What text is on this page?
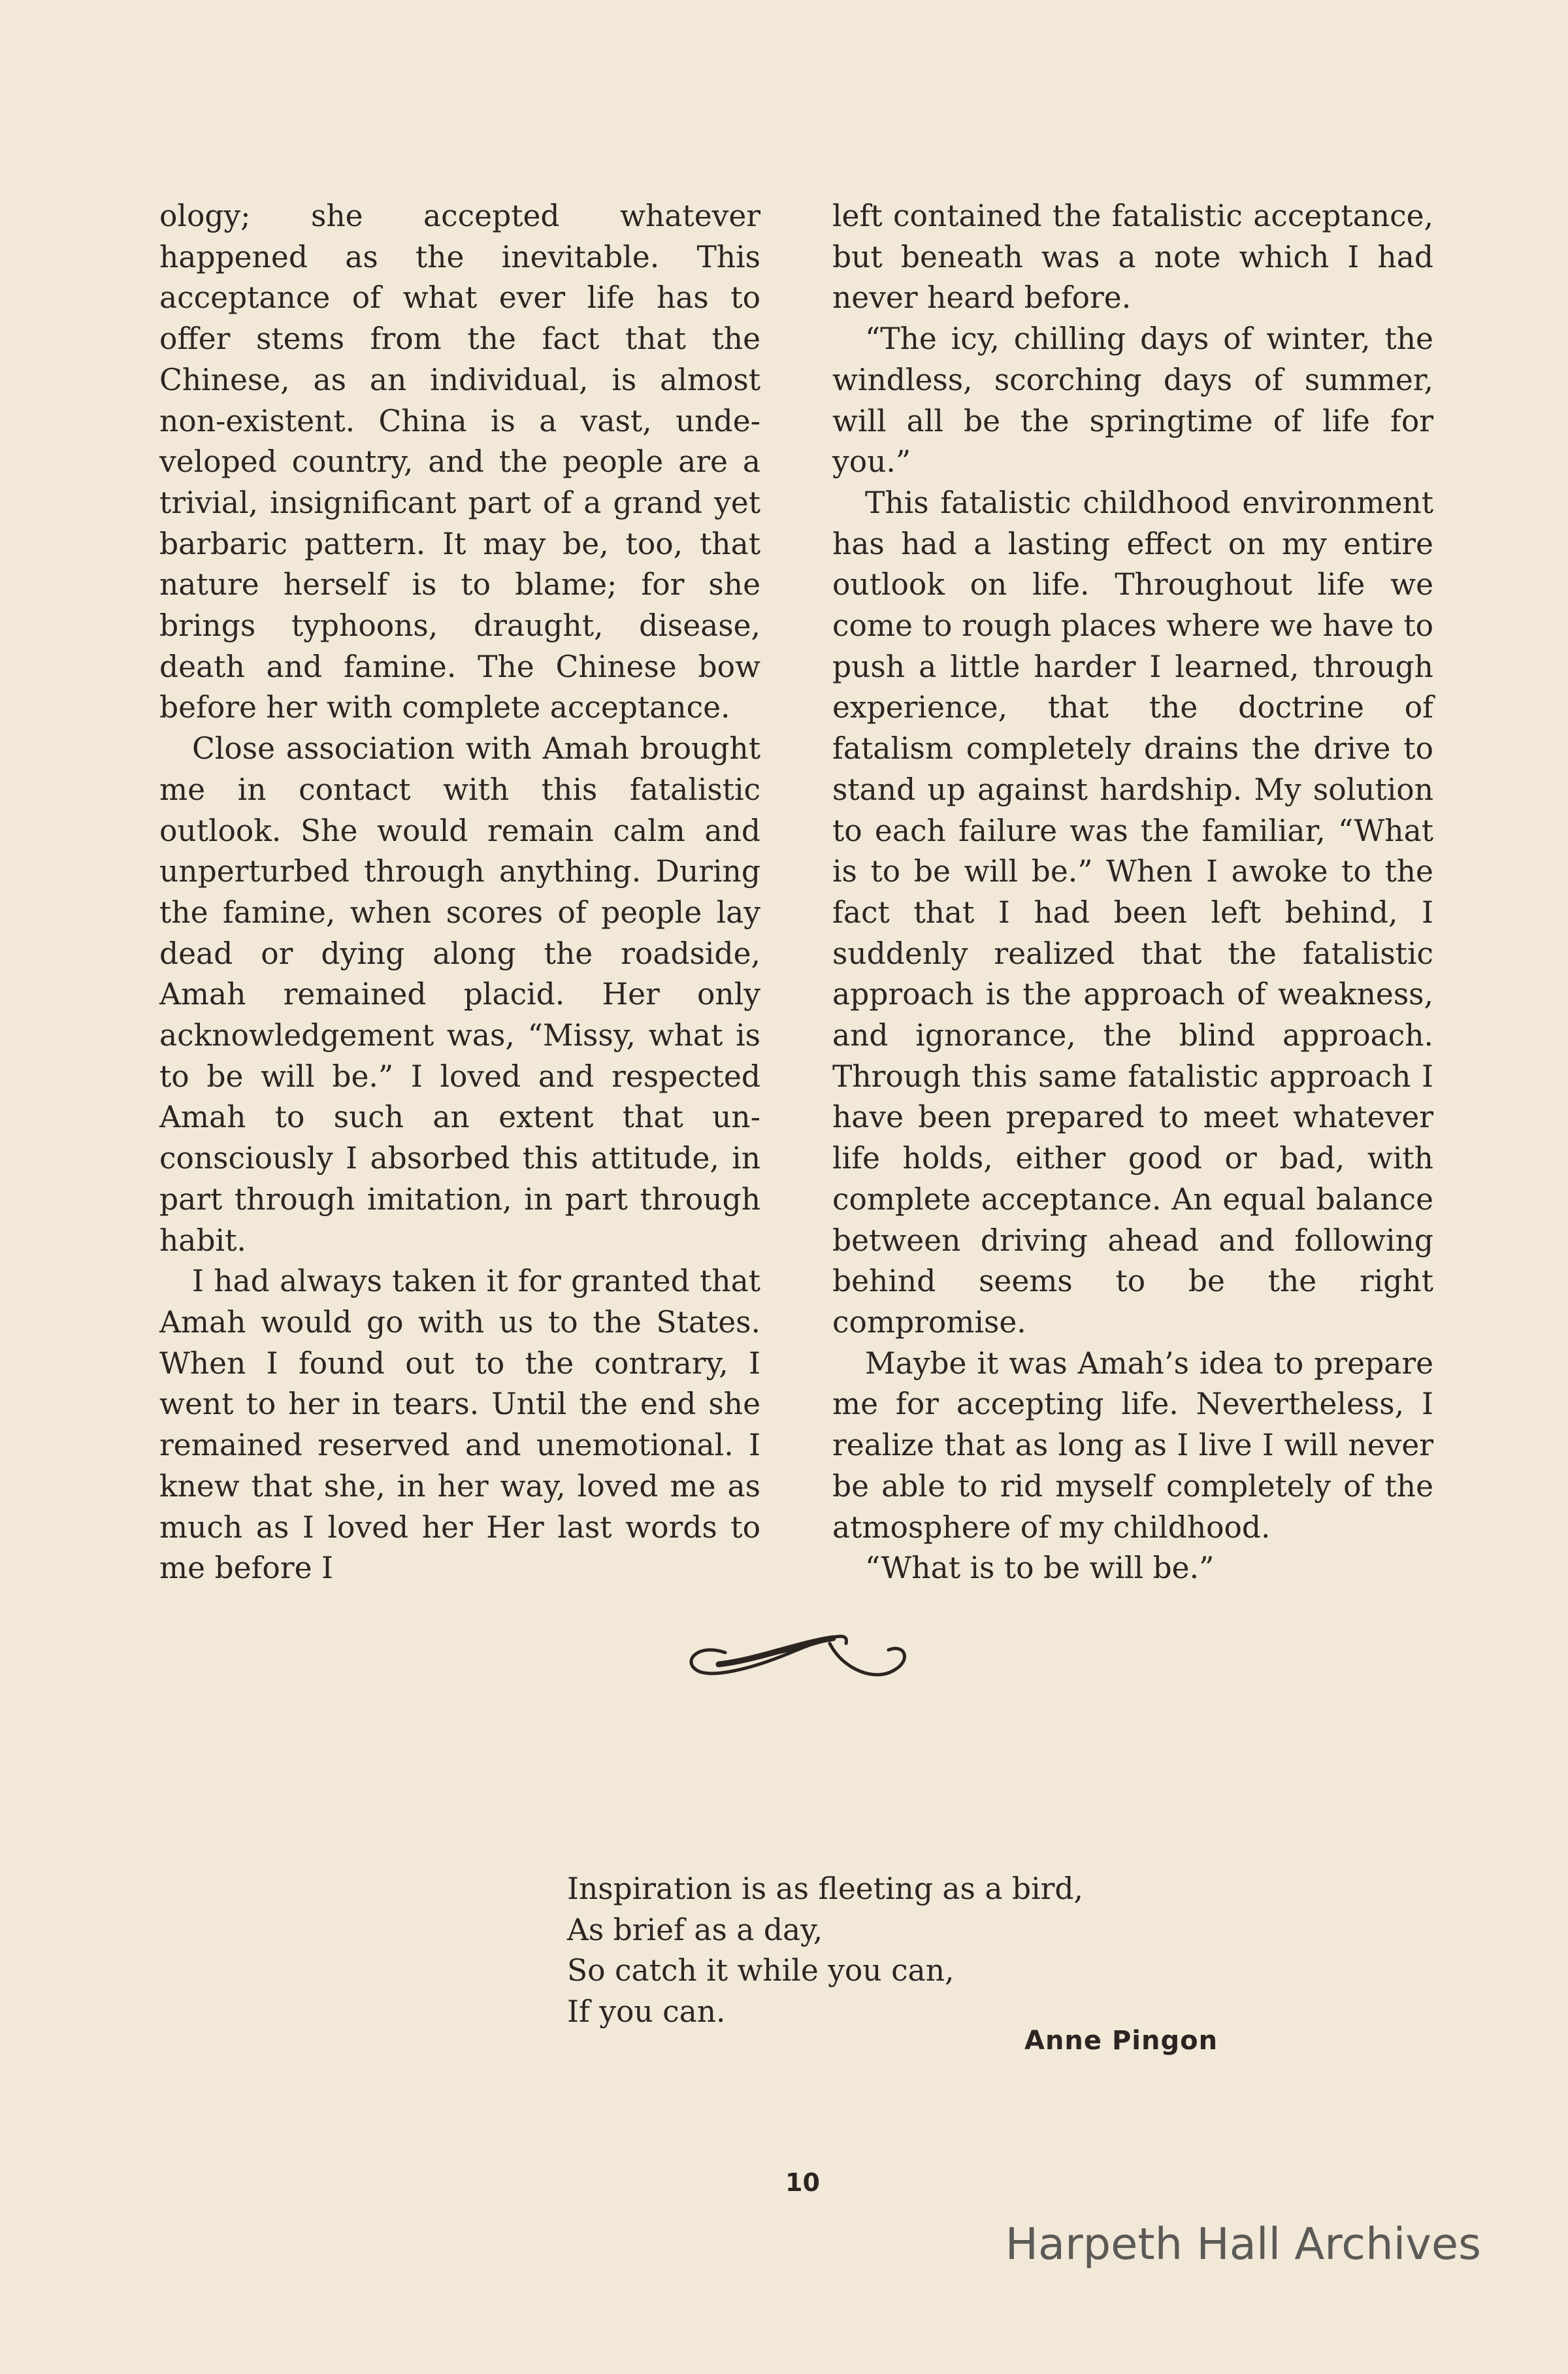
ology; she accepted whatever happened as the inevitable. This acceptance of what ever life has to offer stems from the fact that the Chinese, as an individual, is almost non-existent. China is a vast, undeveloped country, and the people are a trivial, insignificant part of a grand yet barbaric pattern. It may be, too, that nature herself is to blame; for she brings typhoons, draught, disease, death and famine. The Chinese bow before her with complete acceptance.

Close association with Amah brought me in contact with this fatalistic outlook. She would remain calm and unperturbed through anything. During the famine, when scores of people lay dead or dying along the roadside, Amah remained placid. Her only acknowledgement was, “Missy, what is to be will be.” I loved and respected Amah to such an extent that unconsciously I absorbed this attitude, in part through imitation, in part through habit.

I had always taken it for granted that Amah would go with us to the States. When I found out to the contrary, I went to her in tears. Until the end she remained reserved and unemotional. I knew that she, in her way, loved me as much as I loved her Her last words to me before I

left contained the fatalistic acceptance, but beneath was a note which I had never heard before.

“The icy, chilling days of winter, the windless, scorching days of summer, will all be the springtime of life for you.”

This fatalistic childhood environment has had a lasting effect on my entire outlook on life. Throughout life we come to rough places where we have to push a little harder I learned, through experience, that the doctrine of fatalism completely drains the drive to stand up against hardship. My solution to each failure was the familiar, “What is to be will be.” When I awoke to the fact that I had been left behind, I suddenly realized that the fatalistic approach is the approach of weakness, and ignorance, the blind approach. Through this same fatalistic approach I have been prepared to meet whatever life holds, either good or bad, with complete acceptance. An equal balance between driving ahead and following behind seems to be the right compromise.

Maybe it was Amah’s idea to prepare me for accepting life. Nevertheless, I realize that as long as I live I will never be able to rid myself completely of the atmosphere of my childhood.

“What is to be will be.”

Inspiration is as fleeting as a bird,
As brief as a day,
So catch it while you can,
If you can.
Anne Pingon
10
Harpeth Hall Archives
